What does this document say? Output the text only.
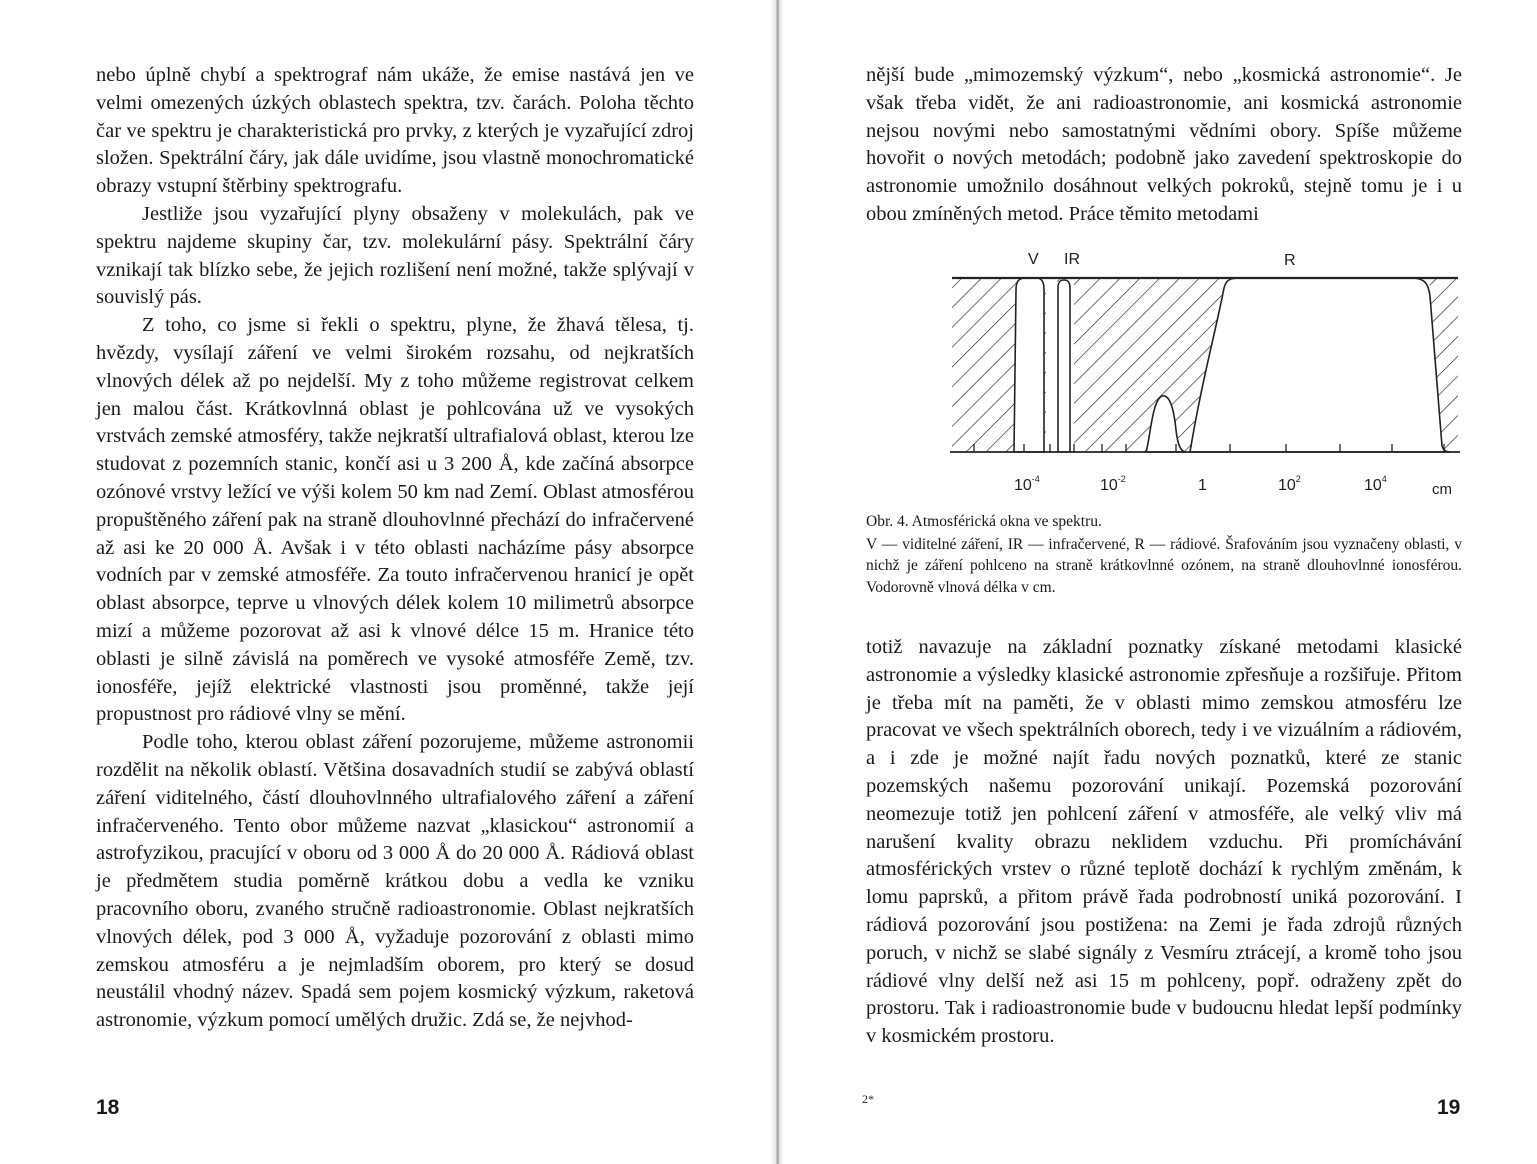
nebo úplně chybí a spektrograf nám ukáže, že emise nastává jen ve velmi omezených úzkých oblastech spektra, tzv. čarách. Poloha těchto čar ve spektru je charakteristická pro prvky, z kterých je vyzařující zdroj složen. Spektrální čáry, jak dále uvidíme, jsou vlastně monochromatické obrazy vstupní štěrbiny spektrografu.

Jestliže jsou vyzařující plyny obsaženy v molekulách, pak ve spektru najdeme skupiny čar, tzv. molekulární pásy. Spektrální čáry vznikají tak blízko sebe, že jejich rozlišení není možné, takže splývají v souvislý pás.

Z toho, co jsme si řekli o spektru, plyne, že žhavá tělesa, tj. hvězdy, vysílají záření ve velmi širokém rozsahu, od nejkratších vlnových délek až po nejdelší. My z toho můžeme registrovat celkem jen malou část. Krátkovlnná oblast je pohlcována už ve vysokých vrstvách zemské atmosféry, takže nejkratší ultrafialová oblast, kterou lze studovat z pozemních stanic, končí asi u 3 200 Å, kde začíná absorpce ozónové vrstvy ležící ve výši kolem 50 km nad Zemí. Oblast atmosférou propuštěného záření pak na straně dlouhovlnné přechází do infračervené až asi ke 20 000 Å. Avšak i v této oblasti nacházíme pásy absorpce vodních par v zemské atmosféře. Za touto infračervenou hranicí je opět oblast absorpce, teprve u vlnových délek kolem 10 milimetrů absorpce mizí a můžeme pozorovat až asi k vlnové délce 15 m. Hranice této oblasti je silně závislá na poměrech ve vysoké atmosféře Země, tzv. ionosféře, jejíž elektrické vlastnosti jsou proměnné, takže její propustnost pro rádiové vlny se mění.

Podle toho, kterou oblast záření pozorujeme, můžeme astronomii rozdělit na několik oblastí. Většina dosavadních studií se zabývá oblastí záření viditelného, částí dlouhovlnného ultrafialového záření a záření infračerveného. Tento obor můžeme nazvat „klasickou“ astronomií a astrofyzikou, pracující v oboru od 3 000 Å do 20 000 Å. Rádiová oblast je předmětem studia poměrně krátkou dobu a vedla ke vzniku pracovního oboru, zvaného stručně radioastronomie. Oblast nejkratších vlnových délek, pod 3 000 Å, vyžaduje pozorování z oblasti mimo zemskou atmosféru a je nejmladším oborem, pro který se dosud neustálil vhodný název. Spadá sem pojem kosmický výzkum, raketová astronomie, výzkum pomocí umělých družic. Zdá se, že nejvhod-

18

nější bude „mimozemský výzkum“, nebo „kosmická astronomie“. Je však třeba vidět, že ani radioastronomie, ani kosmická astronomie nejsou novými nebo samostatnými vědními obory. Spíše můžeme hovořit o nových metodách; podobně jako zavedení spektroskopie do astronomie umožnilo dosáhnout velkých pokroků, stejně tomu je i u obou zmíněných metod. Práce těmito metodami

V IR	R
$10^{-4}$	$10^{-2}$	1	$10^2$	$10^4$
cm

Obr. 4. Atmosférická okna ve spektru.

V — viditelné záření, IR — infračervené, R — rádiové. Šrafováním jsou vyznačeny oblasti, v nichž je záření pohlceno na straně krátkovlnné ozónem, na straně dlouhovlnné ionosférou. Vodorovně vlnová délka v cm.

totiž navazuje na základní poznatky získané metodami klasické astronomie a výsledky klasické astronomie zpřesňuje a rozšiřuje. Přitom je třeba mít na paměti, že v oblasti mimo zemskou atmosféru lze pracovat ve všech spektrálních oborech, tedy i ve vizuálním a rádiovém, a i zde je možné najít řadu nových poznatků, které ze stanic pozemských našemu pozorování unikají. Pozemská pozorování neomezuje totiž jen pohlcení záření v atmosféře, ale velký vliv má narušení kvality obrazu neklidem vzduchu. Při promíchávání atmosférických vrstev o různé teplotě dochází k rychlým změnám, k lomu paprsků, a přitom právě řada podrobností uniká pozorování. I rádiová pozorování jsou postižena: na Zemi je řada zdrojů různých poruch, v nichž se slabé signály z Vesmíru ztrácejí, a kromě toho jsou rádiové vlny delší než asi 15 m pohlceny, popř. odraženy zpět do prostoru. Tak i radioastronomie bude v budoucnu hledat lepší podmínky v kosmickém prostoru.

2*	19
